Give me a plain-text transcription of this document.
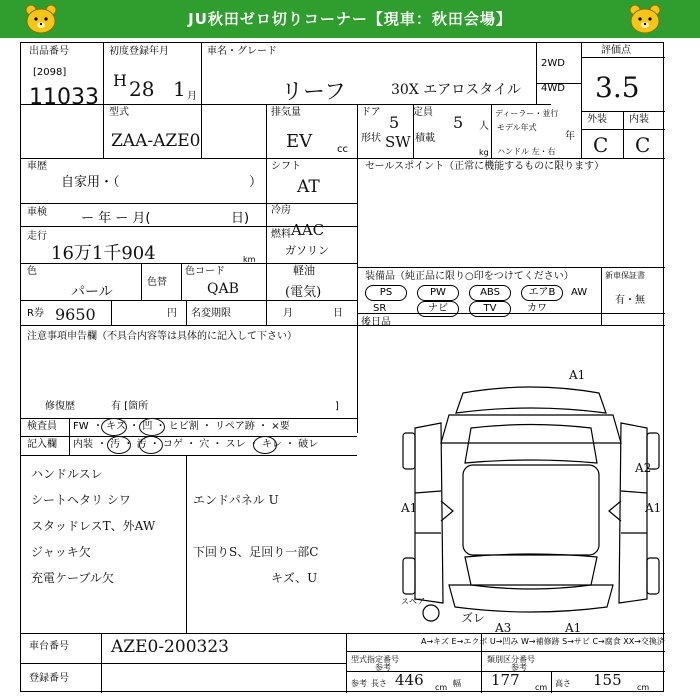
JU秋田ゼロ切りコーナー【現車：秋田会場】
出品番号
[2098]
11033
初度登録年月
H 28 1 月
車名・グレード
リーフ	30X エアロスタイル
2WD
4WD
評価点
3.5
型式
ZAA-AZE0
排気量
EV cc
ドア
5
定員
5 人
形状 SW 積載
kg
ディーラー・並行
モデル年式
年
ハンドル 左・右
外装 内装
C C
車歴
自家用・（	）
シフト
AT
セールスポイント（正常に機能するものに限ります）
車検	ー 年 ー 月(	日)
冷房
AAC
走行
16万1千904	km
燃料
ガソリン
軽油
(電気)
色
パール
色替
色コード
QAB
装備品（純正品に限り○印をつけてください）
PS	PW	ABS	エアB	AW
SR	ナビ	TV	カワ
新車保証書
有・無
R券 9650	円 名変期限	月	日
後日品
注意事項申告欄（不具合内容等は具体的に記入して下さい）
修復歴	有 [箇所	]
検査員
記入欄
FW ・ キズ ・ 凹 ・ ヒビ割 ・ リペア跡 ・ ×要
内装 ・ 汚 ・ 汚 ・ コゲ ・ 穴 ・ スレ ・ キレ ・ 破レ
ハンドルスレ
シートヘタリ シワ
スタッドレスT、外AW
ジャッキ欠
充電ケーブル欠
エンドパネル U
下回りS、足回り一部C
キズ、U
A1
A2
A1	A1
A3	A1
ズレ
スペア
A→キズ E→エクボ U→凹み W→補修跡 S→サビ C→腐食 XX→交換済
車台番号 AZE0-200323
登録番号
型式指定番号
参考
類別区分番号
参考
参考 長さ 446 cm 幅 177 cm 高さ 155 cm
